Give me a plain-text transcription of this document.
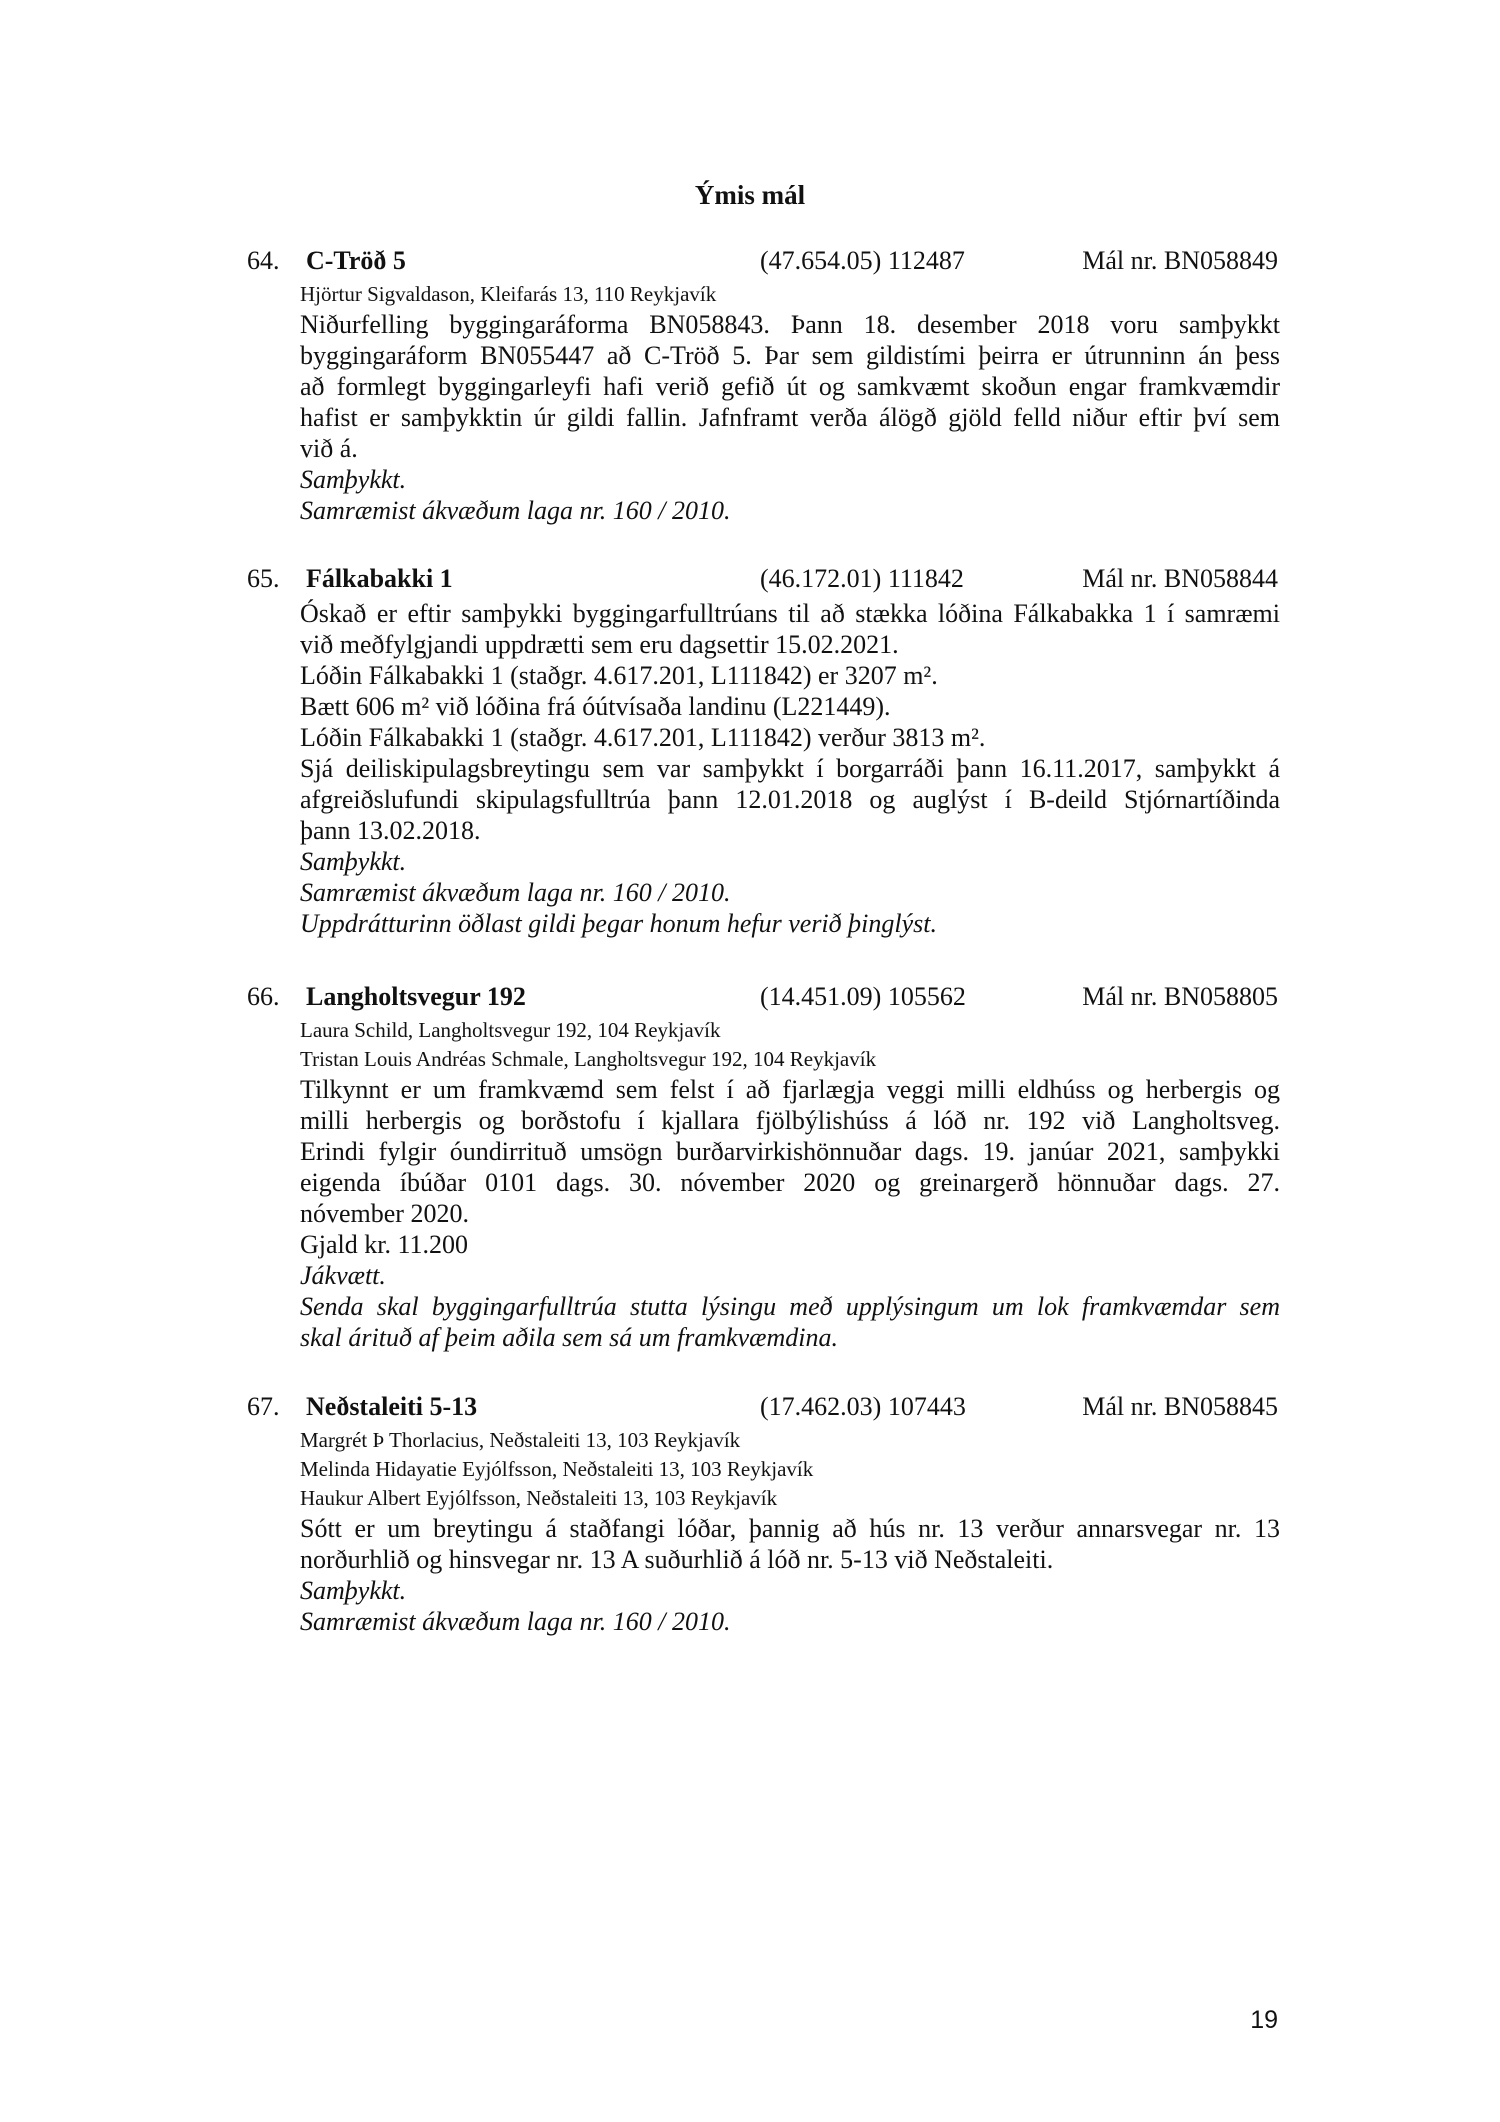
Ýmis mál
64. C-Tröð 5	(47.654.05) 112487	Mál nr. BN058849
Hjörtur Sigvaldason, Kleifarás 13, 110 Reykjavík
Niðurfelling byggingaráforma BN058843. Þann 18. desember 2018 voru samþykkt
byggingaráform BN055447 að C-Tröð 5. Þar sem gildistími þeirra er útrunninn án þess
að formlegt byggingarleyfi hafi verið gefið út og samkvæmt skoðun engar framkvæmdir
hafist er samþykktin úr gildi fallin. Jafnframt verða álögð gjöld felld niður eftir því sem
við á.
Samþykkt.
Samræmist ákvæðum laga nr. 160 / 2010.
65. Fálkabakki 1	(46.172.01) 111842	Mál nr. BN058844
Óskað er eftir samþykki byggingarfulltrúans til að stækka lóðina Fálkabakka 1 í samræmi
við meðfylgjandi uppdrætti sem eru dagsettir 15.02.2021.
Lóðin Fálkabakki 1 (staðgr. 4.617.201, L111842) er 3207 m².
Bætt 606 m² við lóðina frá óútvísaða landinu (L221449).
Lóðin Fálkabakki 1 (staðgr. 4.617.201, L111842) verður 3813 m².
Sjá deiliskipulagsbreytingu sem var samþykkt í borgarráði þann 16.11.2017, samþykkt á
afgreiðslufundi skipulagsfulltrúa þann 12.01.2018 og auglýst í B-deild Stjórnartíðinda
þann 13.02.2018.
Samþykkt.
Samræmist ákvæðum laga nr. 160 / 2010.
Uppdrátturinn öðlast gildi þegar honum hefur verið þinglýst.
66. Langholtsvegur 192	(14.451.09) 105562	Mál nr. BN058805
Laura Schild, Langholtsvegur 192, 104 Reykjavík
Tristan Louis Andréas Schmale, Langholtsvegur 192, 104 Reykjavík
Tilkynnt er um framkvæmd sem felst í að fjarlægja veggi milli eldhúss og herbergis og
milli herbergis og borðstofu í kjallara fjölbýlishúss á lóð nr. 192 við Langholtsveg.
Erindi fylgir óundirrituð umsögn burðarvirkishönnuðar dags. 19. janúar 2021, samþykki
eigenda íbúðar 0101 dags. 30. nóvember 2020 og greinargerð hönnuðar dags. 27.
nóvember 2020.
Gjald kr. 11.200
Jákvætt.
Senda skal byggingarfulltrúa stutta lýsingu með upplýsingum um lok framkvæmdar sem
skal árituð af þeim aðila sem sá um framkvæmdina.
67. Neðstaleiti 5-13	(17.462.03) 107443	Mál nr. BN058845
Margrét Þ Thorlacius, Neðstaleiti 13, 103 Reykjavík
Melinda Hidayatie Eyjólfsson, Neðstaleiti 13, 103 Reykjavík
Haukur Albert Eyjólfsson, Neðstaleiti 13, 103 Reykjavík
Sótt er um breytingu á staðfangi lóðar, þannig að hús nr. 13 verður annarsvegar nr. 13
norðurhlið og hinsvegar nr. 13 A suðurhlið á lóð nr. 5-13 við Neðstaleiti.
Samþykkt.
Samræmist ákvæðum laga nr. 160 / 2010.
19
